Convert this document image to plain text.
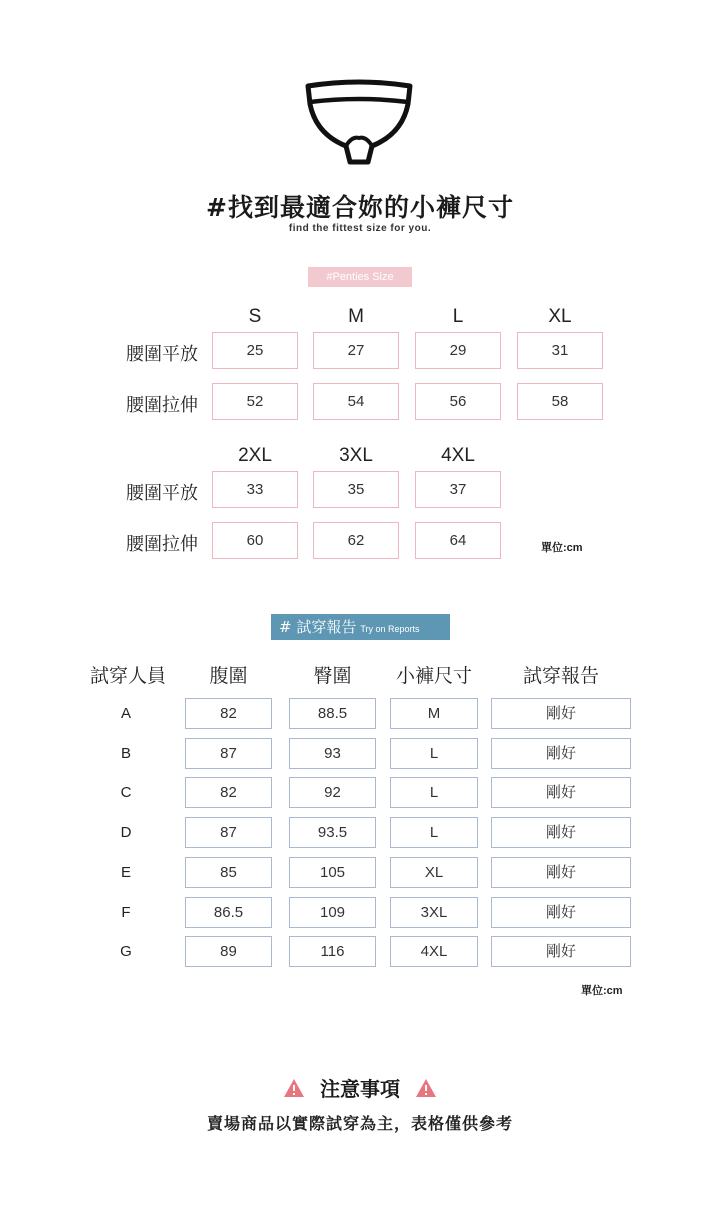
#找到最適合妳的小褲尺寸
find the fittest size for you.
#Penties Size
S	M	L	XL
腰圍平放	25	27	29	31
腰圍拉伸	52	54	56	58
2XL	3XL	4XL
腰圍平放	33	35	37
腰圍拉伸	60	62	64	單位:cm
# 試穿報告 Try on Reports
試穿人員	腹圍	臀圍	小褲尺寸	試穿報告
A	82	88.5	M	剛好
B	87	93	L	剛好
C	82	92	L	剛好
D	87	93.5	L	剛好
E	85	105	XL	剛好
F	86.5	109	3XL	剛好
G	89	116	4XL	剛好
單位:cm
注意事項
賣場商品以實際試穿為主，表格僅供參考
